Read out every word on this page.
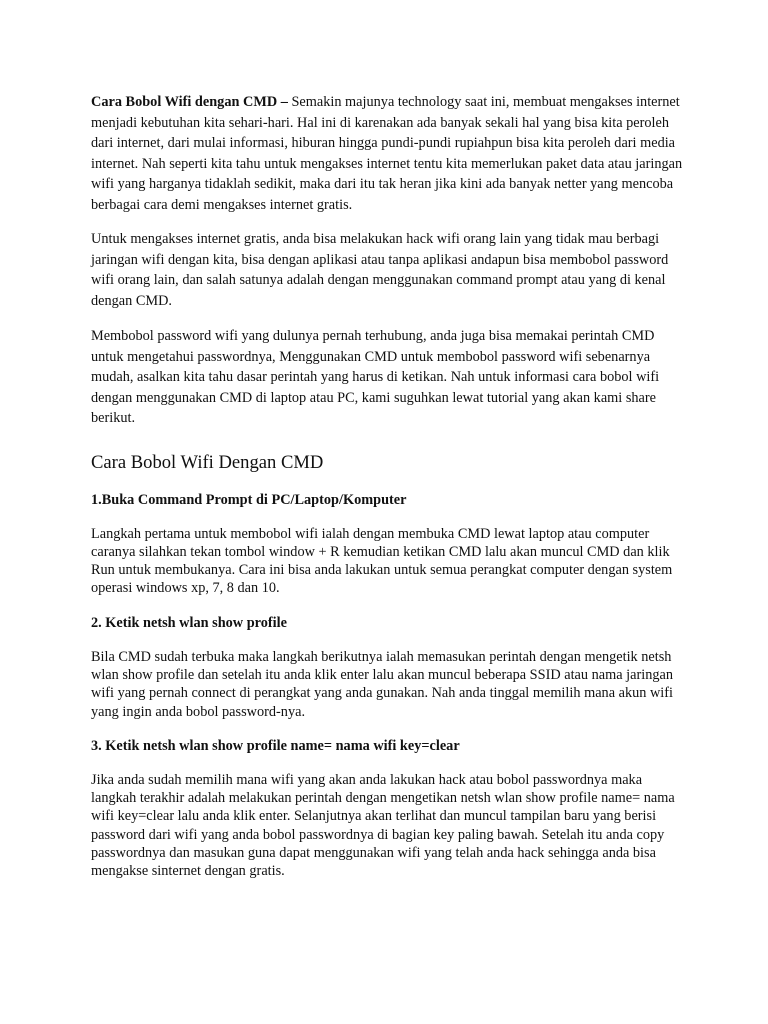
Cara Bobol Wifi dengan CMD – Semakin majunya technology saat ini, membuat mengakses internet menjadi kebutuhan kita sehari-hari. Hal ini di karenakan ada banyak sekali hal yang bisa kita peroleh dari internet, dari mulai informasi, hiburan hingga pundi-pundi rupiahpun bisa kita peroleh dari media internet. Nah seperti kita tahu untuk mengakses internet tentu kita memerlukan paket data atau jaringan wifi yang harganya tidaklah sedikit, maka dari itu tak heran jika kini ada banyak netter yang mencoba berbagai cara demi mengakses internet gratis.

Untuk mengakses internet gratis, anda bisa melakukan hack wifi orang lain yang tidak mau berbagi jaringan wifi dengan kita, bisa dengan aplikasi atau tanpa aplikasi andapun bisa membobol password wifi orang lain, dan salah satunya adalah dengan menggunakan command prompt atau yang di kenal dengan CMD.

Membobol password wifi yang dulunya pernah terhubung, anda juga bisa memakai perintah CMD untuk mengetahui passwordnya, Menggunakan CMD untuk membobol password wifi sebenarnya mudah, asalkan kita tahu dasar perintah yang harus di ketikan. Nah untuk informasi cara bobol wifi dengan menggunakan CMD di laptop atau PC, kami suguhkan lewat tutorial yang akan kami share berikut.

Cara Bobol Wifi Dengan CMD
1.Buka Command Prompt di PC/Laptop/Komputer

Langkah pertama untuk membobol wifi ialah dengan membuka CMD lewat laptop atau computer caranya silahkan tekan tombol window + R kemudian ketikan CMD lalu akan muncul CMD dan klik Run untuk membukanya. Cara ini bisa anda lakukan untuk semua perangkat computer dengan system operasi windows xp, 7, 8 dan 10.

2. Ketik netsh wlan show profile

Bila CMD sudah terbuka maka langkah berikutnya ialah memasukan perintah dengan mengetik netsh wlan show profile dan setelah itu anda klik enter lalu akan muncul beberapa SSID atau nama jaringan wifi yang pernah connect di perangkat yang anda gunakan. Nah anda tinggal memilih mana akun wifi yang ingin anda bobol password-nya.

3. Ketik netsh wlan show profile name= nama wifi key=clear

Jika anda sudah memilih mana wifi yang akan anda lakukan hack atau bobol passwordnya maka langkah terakhir adalah melakukan perintah dengan mengetikan netsh wlan show profile name= nama wifi key=clear lalu anda klik enter. Selanjutnya akan terlihat dan muncul tampilan baru yang berisi password dari wifi yang anda bobol passwordnya di bagian key paling bawah. Setelah itu anda copy passwordnya dan masukan guna dapat menggunakan wifi yang telah anda hack sehingga anda bisa mengakse sinternet dengan gratis.
